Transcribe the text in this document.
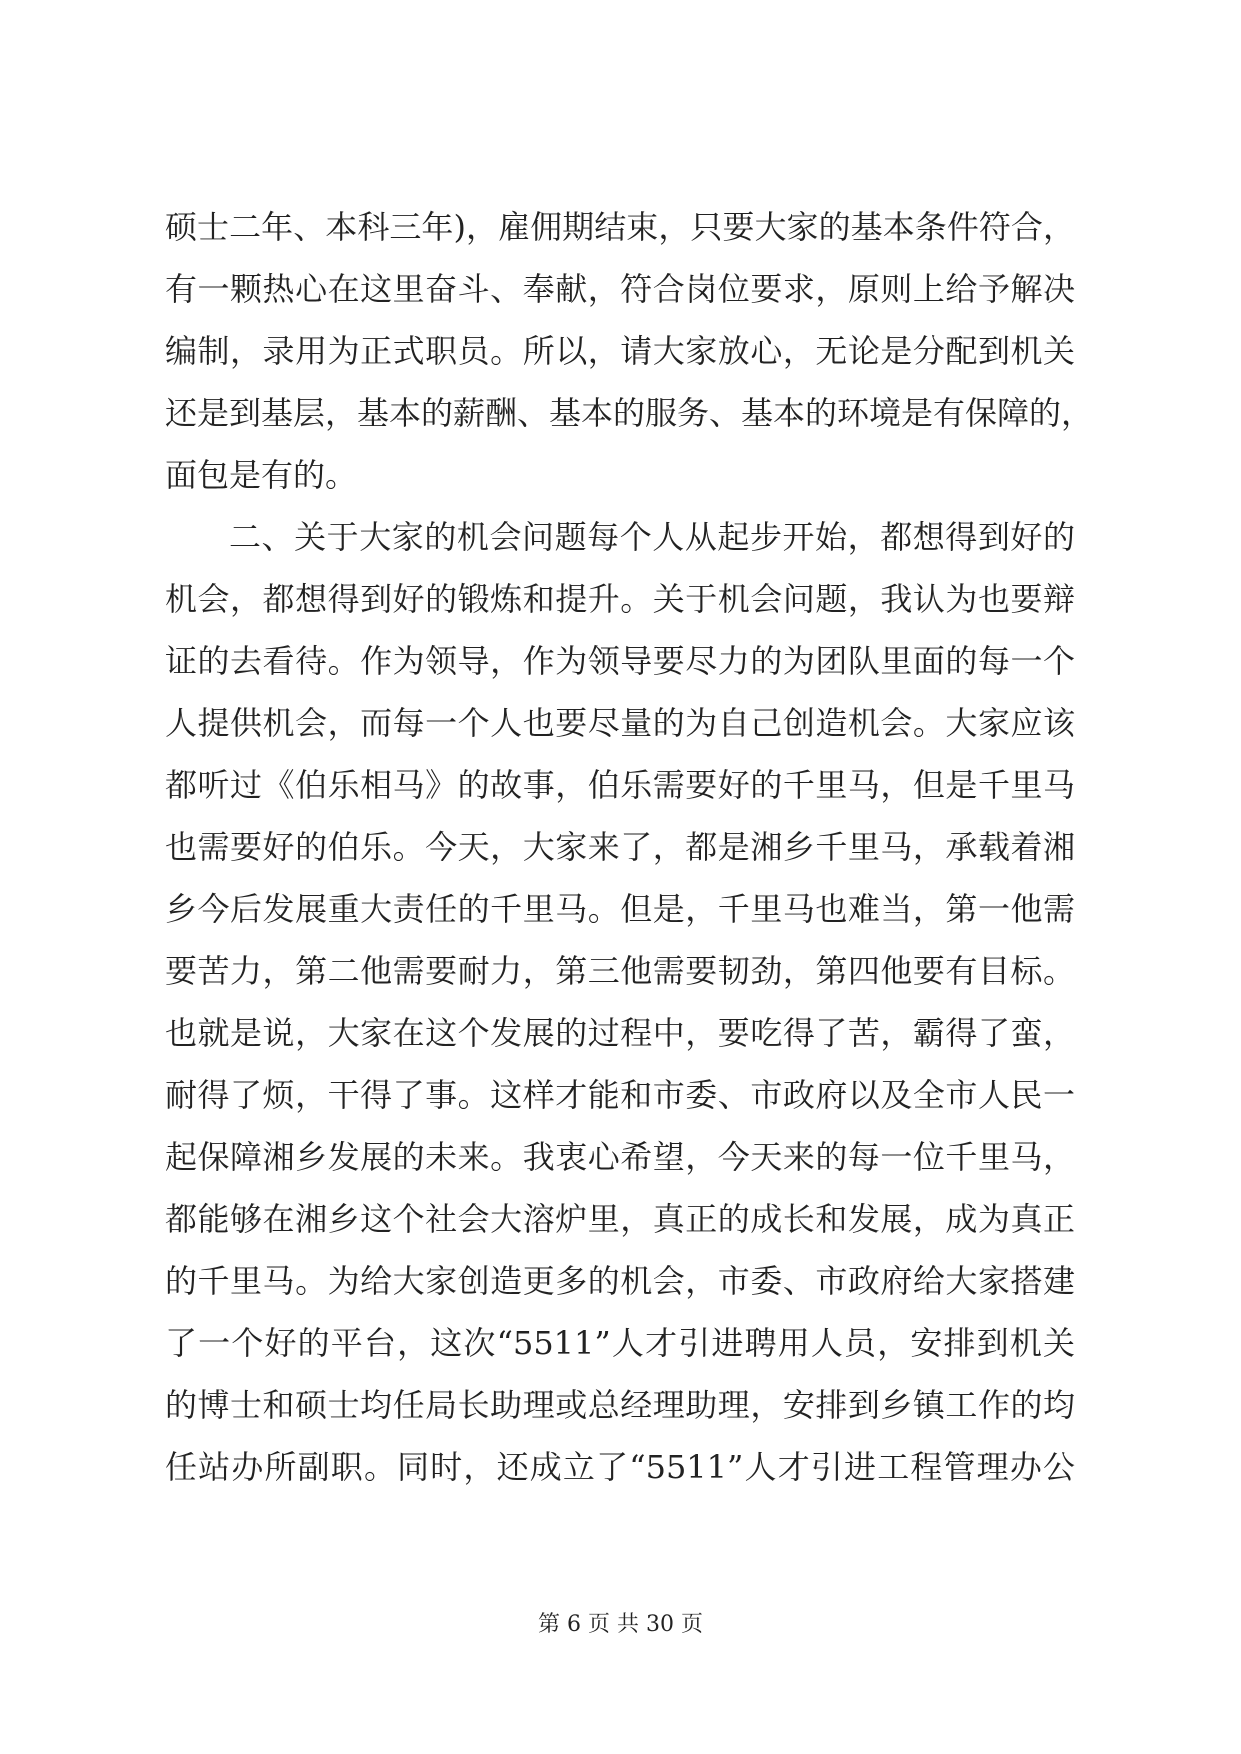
硕士二年、本科三年)，雇佣期结束，只要大家的基本条件符合，
有一颗热心在这里奋斗、奉献，符合岗位要求，原则上给予解决
编制，录用为正式职员。所以，请大家放心，无论是分配到机关
还是到基层，基本的薪酬、基本的服务、基本的环境是有保障的，
面包是有的。
二、关于大家的机会问题每个人从起步开始，都想得到好的
机会，都想得到好的锻炼和提升。关于机会问题，我认为也要辩
证的去看待。作为领导，作为领导要尽力的为团队里面的每一个
人提供机会，而每一个人也要尽量的为自己创造机会。大家应该
都听过《伯乐相马》的故事，伯乐需要好的千里马，但是千里马
也需要好的伯乐。今天，大家来了，都是湘乡千里马，承载着湘
乡今后发展重大责任的千里马。但是，千里马也难当，第一他需
要苦力，第二他需要耐力，第三他需要韧劲，第四他要有目标。
也就是说，大家在这个发展的过程中，要吃得了苦，霸得了蛮，
耐得了烦，干得了事。这样才能和市委、市政府以及全市人民一
起保障湘乡发展的未来。我衷心希望，今天来的每一位千里马，
都能够在湘乡这个社会大溶炉里，真正的成长和发展，成为真正
的千里马。为给大家创造更多的机会，市委、市政府给大家搭建
了一个好的平台，这次“5511”人才引进聘用人员，安排到机关
的博士和硕士均任局长助理或总经理助理，安排到乡镇工作的均
任站办所副职。同时，还成立了“5511”人才引进工程管理办公
第 6 页 共 30 页
